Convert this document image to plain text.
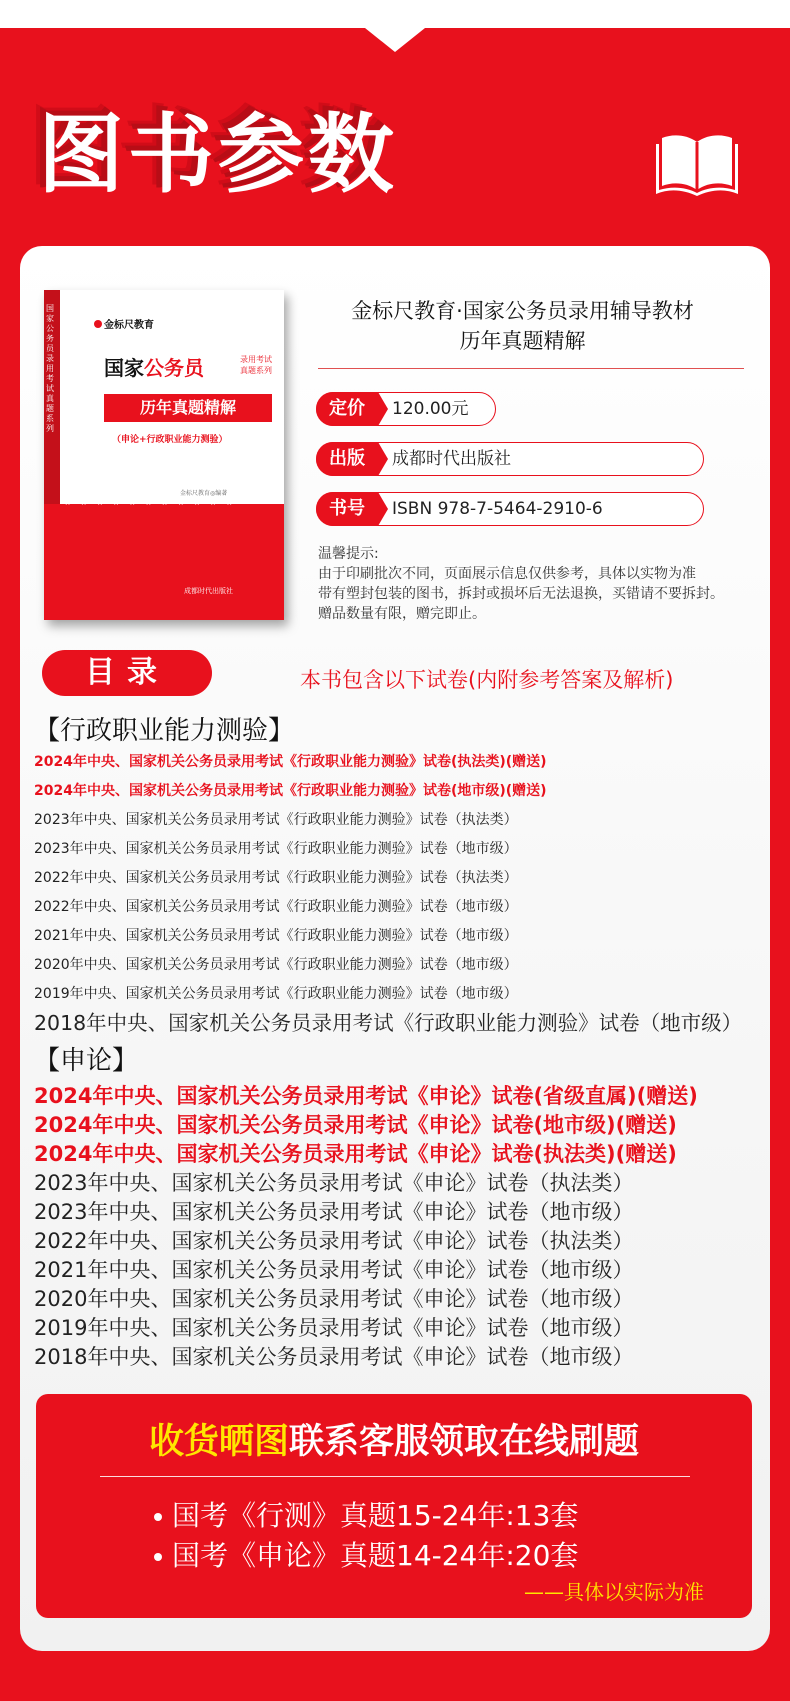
图书参数
国家公务员录用考试真题系列
金标尺教育
国家公务员	录用考试 真题系列
历年真题精解
（申论+行政职业能力测验）
金标尺教育◎编著
★★★★★★★★★★★
成都时代出版社
金标尺教育·国家公务员录用辅导教材
历年真题精解
定价	120.00元
出版	成都时代出版社
书号	ISBN 978-7-5464-2910-6
温馨提示:
由于印刷批次不同，页面展示信息仅供参考，具体以实物为准
带有塑封包装的图书，拆封或损坏后无法退换，买错请不要拆封。
赠品数量有限，赠完即止。
目录	本书包含以下试卷(内附参考答案及解析)
【行政职业能力测验】
2024年中央、国家机关公务员录用考试《行政职业能力测验》试卷(执法类)(赠送)
2024年中央、国家机关公务员录用考试《行政职业能力测验》试卷(地市级)(赠送)
2023年中央、国家机关公务员录用考试《行政职业能力测验》试卷（执法类）
2023年中央、国家机关公务员录用考试《行政职业能力测验》试卷（地市级）
2022年中央、国家机关公务员录用考试《行政职业能力测验》试卷（执法类）
2022年中央、国家机关公务员录用考试《行政职业能力测验》试卷（地市级）
2021年中央、国家机关公务员录用考试《行政职业能力测验》试卷（地市级）
2020年中央、国家机关公务员录用考试《行政职业能力测验》试卷（地市级）
2019年中央、国家机关公务员录用考试《行政职业能力测验》试卷（地市级）
2018年中央、国家机关公务员录用考试《行政职业能力测验》试卷（地市级）
【申论】
2024年中央、国家机关公务员录用考试《申论》试卷(省级直属)(赠送)
2024年中央、国家机关公务员录用考试《申论》试卷(地市级)(赠送)
2024年中央、国家机关公务员录用考试《申论》试卷(执法类)(赠送)
2023年中央、国家机关公务员录用考试《申论》试卷（执法类）
2023年中央、国家机关公务员录用考试《申论》试卷（地市级）
2022年中央、国家机关公务员录用考试《申论》试卷（执法类）
2021年中央、国家机关公务员录用考试《申论》试卷（地市级）
2020年中央、国家机关公务员录用考试《申论》试卷（地市级）
2019年中央、国家机关公务员录用考试《申论》试卷（地市级）
2018年中央、国家机关公务员录用考试《申论》试卷（地市级）
收货晒图联系客服领取在线刷题
国考《行测》真题15-24年:13套
国考《申论》真题14-24年:20套
——具体以实际为准
